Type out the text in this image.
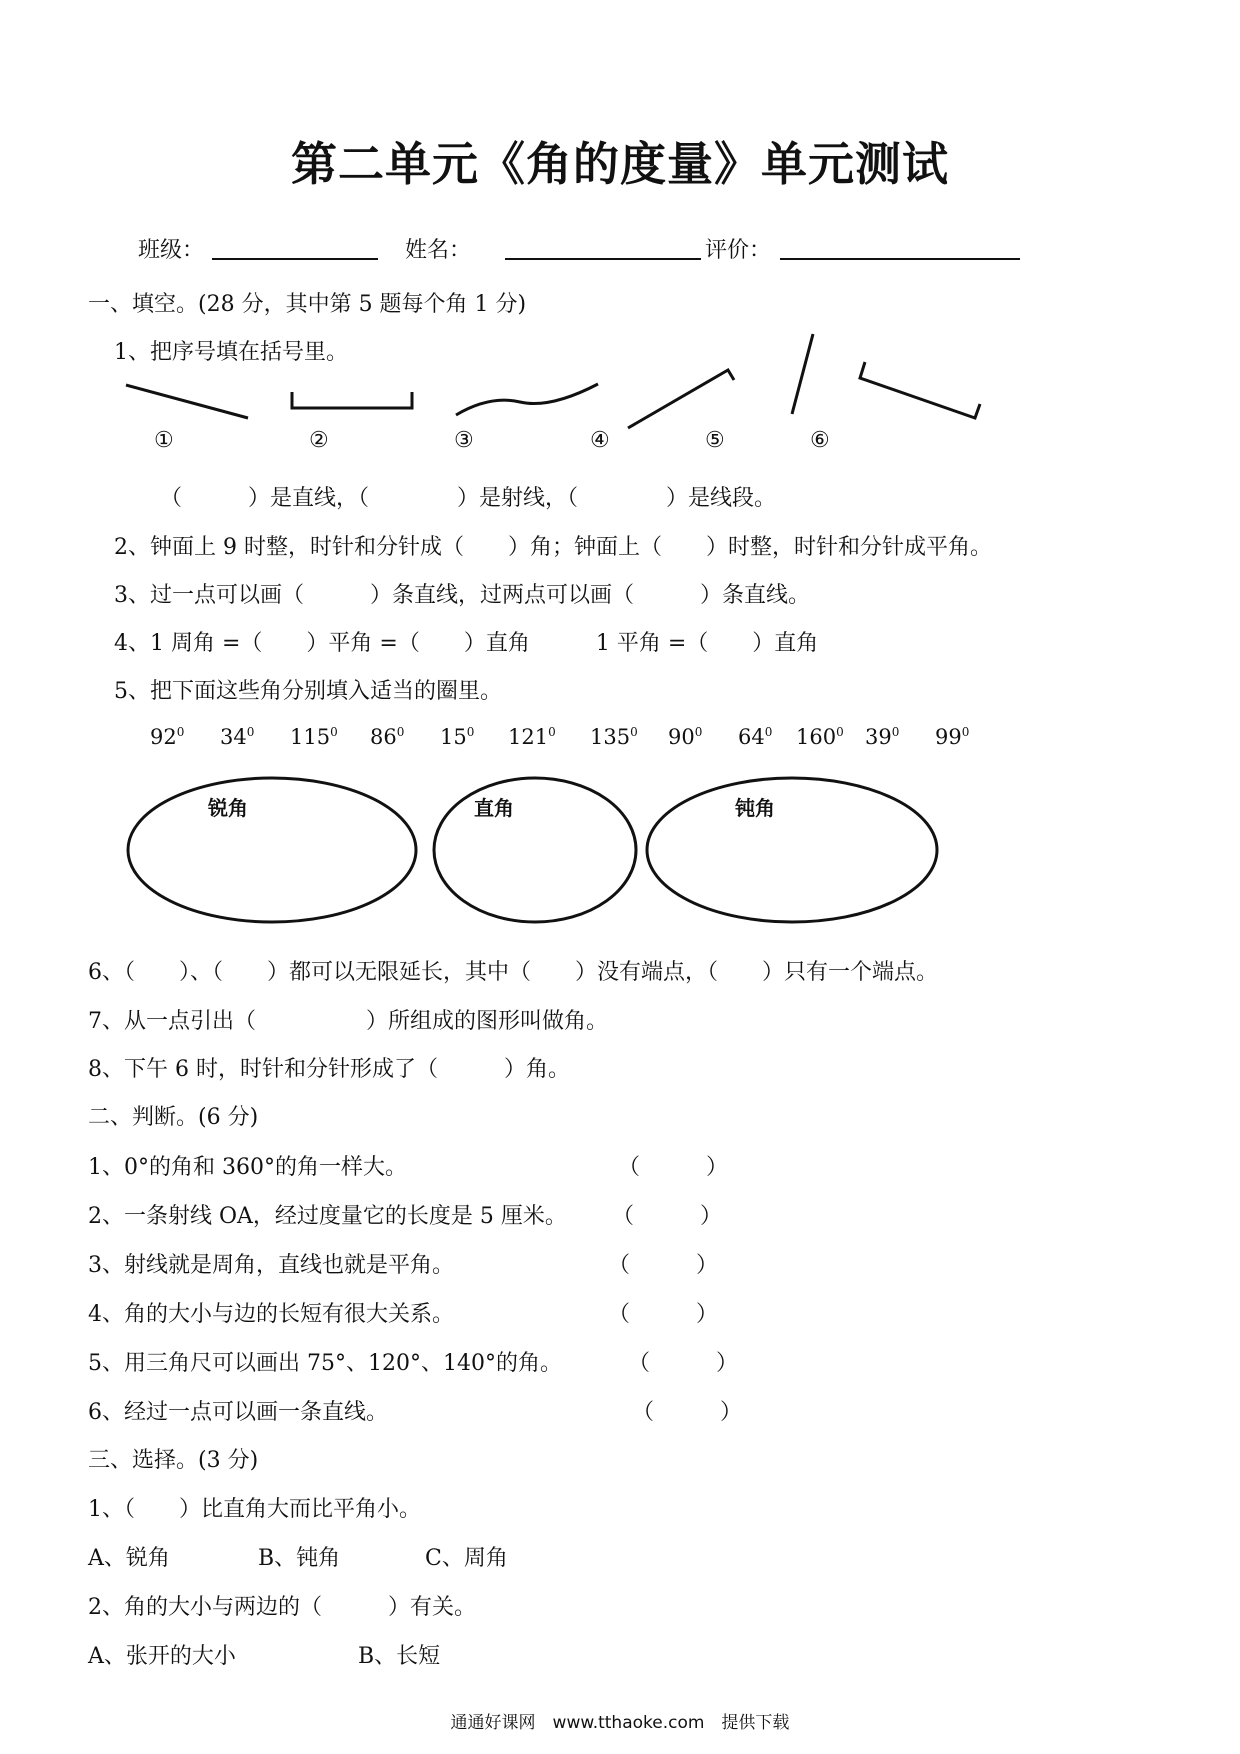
第二单元《角的度量》单元测试
班级：	姓名：	评价：
一、填空。(28 分，其中第 5 题每个角 1 分)
1、把序号填在括号里。
①	②	③	④	⑤	⑥
（　　　）是直线，（　　　　）是射线，（　　　　）是线段。
2、钟面上 9 时整，时针和分针成（　　）角；钟面上（　　）时整，时针和分针成平角。
3、过一点可以画（　　　）条直线，过两点可以画（　　　）条直线。
4、1 周角 =（　　）平角 =（　　）直角　　　1 平角 =（　　）直角
5、把下面这些角分别填入适当的圈里。
$92^0$ $34^0$ $115^0$ $86^0$ $15^0$ $121^0$ $135^0$ $90^0$ $64^0$ $160^0$ $39^0$ $99^0$
锐角	直角	钝角
6、（　　）、（　　）都可以无限延长，其中（　　）没有端点，（　　）只有一个端点。
7、从一点引出（　　　　　）所组成的图形叫做角。
8、下午 6 时，时针和分针形成了（　　　）角。
二、判断。(6 分)
1、0°的角和 360°的角一样大。	（　　　）
2、一条射线 OA，经过度量它的长度是 5 厘米。 （　　　）
3、射线就是周角，直线也就是平角。	（　　　）
4、角的大小与边的长短有很大关系。	（　　　）
5、用三角尺可以画出 75°、120°、140°的角。	（　　　）
6、经过一点可以画一条直线。	（　　　）
三、选择。(3 分)
1、（　　）比直角大而比平角小。
A、锐角	B、钝角	C、周角
2、角的大小与两边的（　　　）有关。
A、张开的大小	B、长短
通通好课网　www.tthaoke.com　提供下载
